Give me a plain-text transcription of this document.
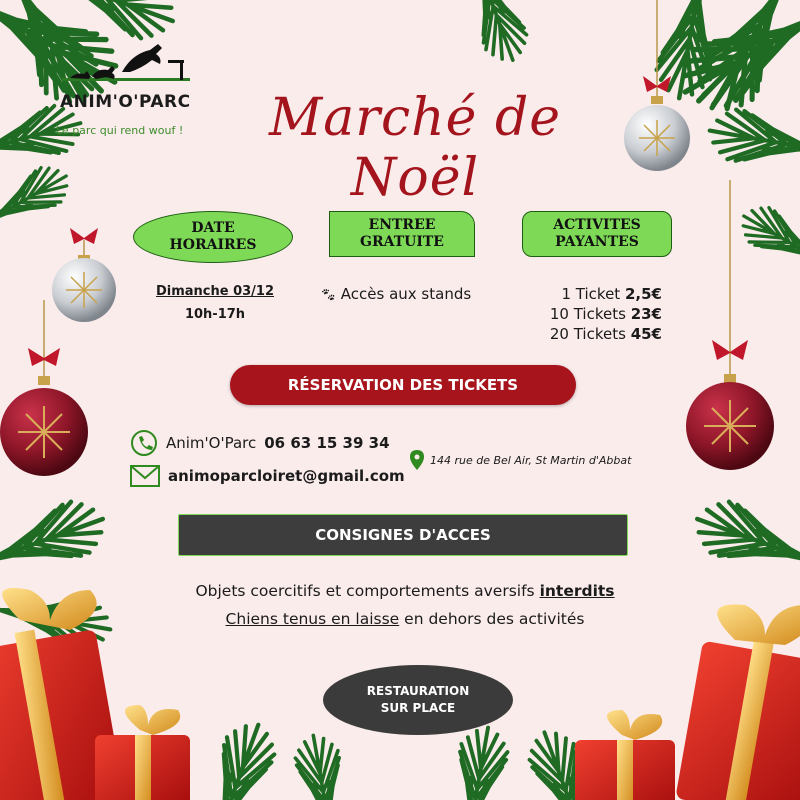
ANIM'O'PARC
Le parc qui rend wouf !	Marché de Noël
DATE
HORAIRES
ENTREE
GRATUITE
ACTIVITES
PAYANTES
Dimanche 03/12
10h-17h
🐾︎ Accès aux stands	1 Ticket 2,5€
10 Tickets 23€
20 Tickets 45€
RÉSERVATION DES TICKETS
Anim'O'Parc 06 63 15 39 34
animoparcloiret@gmail.com
144 rue de Bel Air, St Martin d'Abbat
CONSIGNES D'ACCES
Objets coercitifs et comportements aversifs interdits
Chiens tenus en laisse en dehors des activités
RESTAURATION
SUR PLACE
